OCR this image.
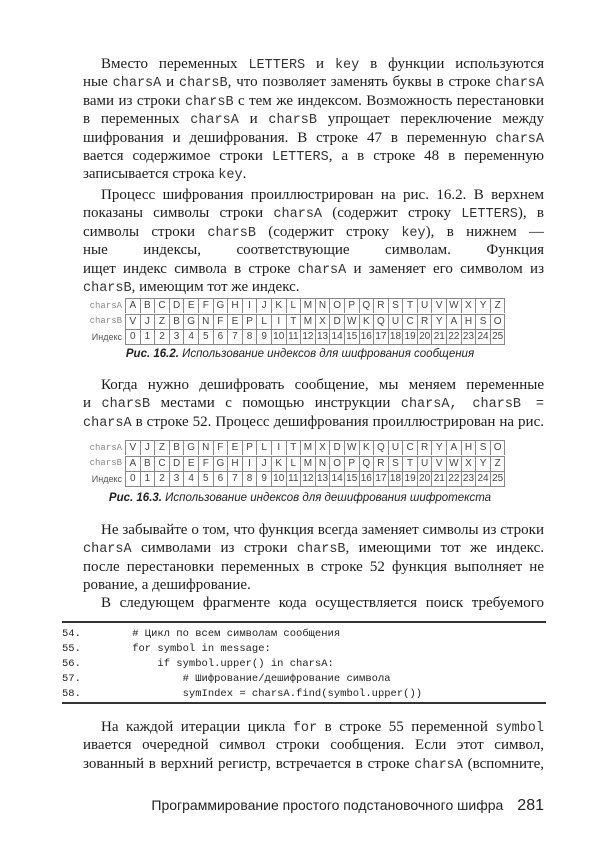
Вместо переменных LETTERS и key в функции используются
ные charsA и charsB, что позволяет заменять буквы в строке charsA
вами из строки charsB с тем же индексом. Возможность перестановки
в переменных charsA и charsB упрощает переключение между
шифрования и дешифрования. В строке 47 в переменную charsA
вается содержимое строки LETTERS, а в строке 48 в переменную
записывается строка key.
Процесс шифрования проиллюстрирован на рис. 16.2. В верхнем
показаны символы строки charsA (содержит строку LETTERS), в
символы строки charsB (содержит строку key), в нижнем —
ные индексы, соответствующие символам. Функция
ищет индекс символа в строке charsA и заменяет его символом из
charsB, имеющим тот же индекс.
charsA A B C D E F G H I	J K L M N O P Q R S T U V W X Y Z
charsB V J Z B G N F E P L	I	T M X D W K Q U C R Y A H S O
Индекс 0 1 2 3 4 5 6 7 8 9 10 11 12 13 14 15 16 17 18 19 20 21 22 23 24 25
Рис. 16.2. Использование индексов для шифрования сообщения
Когда нужно дешифровать сообщение, мы меняем переменные
и charsB местами с помощью инструкции charsA, charsB =
charsA в строке 52. Процесс дешифрования проиллюстрирован на рис.
charsA V J Z B G N F E P L	I	T M X D W K Q U C R Y A H S O
charsB A B C D E F G H I	J K L M N O P Q R S T U V W X Y Z
Индекс 0 1 2 3 4 5 6 7 8 9 10 11 12 13 14 15 16 17 18 19 20 21 22 23 24 25
Рис. 16.3. Использование индексов для дешифрования шифротекста
Не забывайте о том, что функция всегда заменяет символы из строки
charsA символами из строки charsB, имеющими тот же индекс.
после перестановки переменных в строке 52 функция выполняет не
рование, а дешифрование.
В следующем фрагменте кода осуществляется поиск требуемого
54.	# Цикл по всем символам сообщения
55.	for symbol in message:
56.	if symbol.upper() in charsA:
57.	# Шифрование/дешифрование символа
58.	symIndex = charsA.find(symbol.upper())
На каждой итерации цикла for в строке 55 переменной symbol
ивается очередной символ строки сообщения. Если этот символ,
зованный в верхний регистр, встречается в строке charsA (вспомните,
Программирование простого подстановочного шифра 281
